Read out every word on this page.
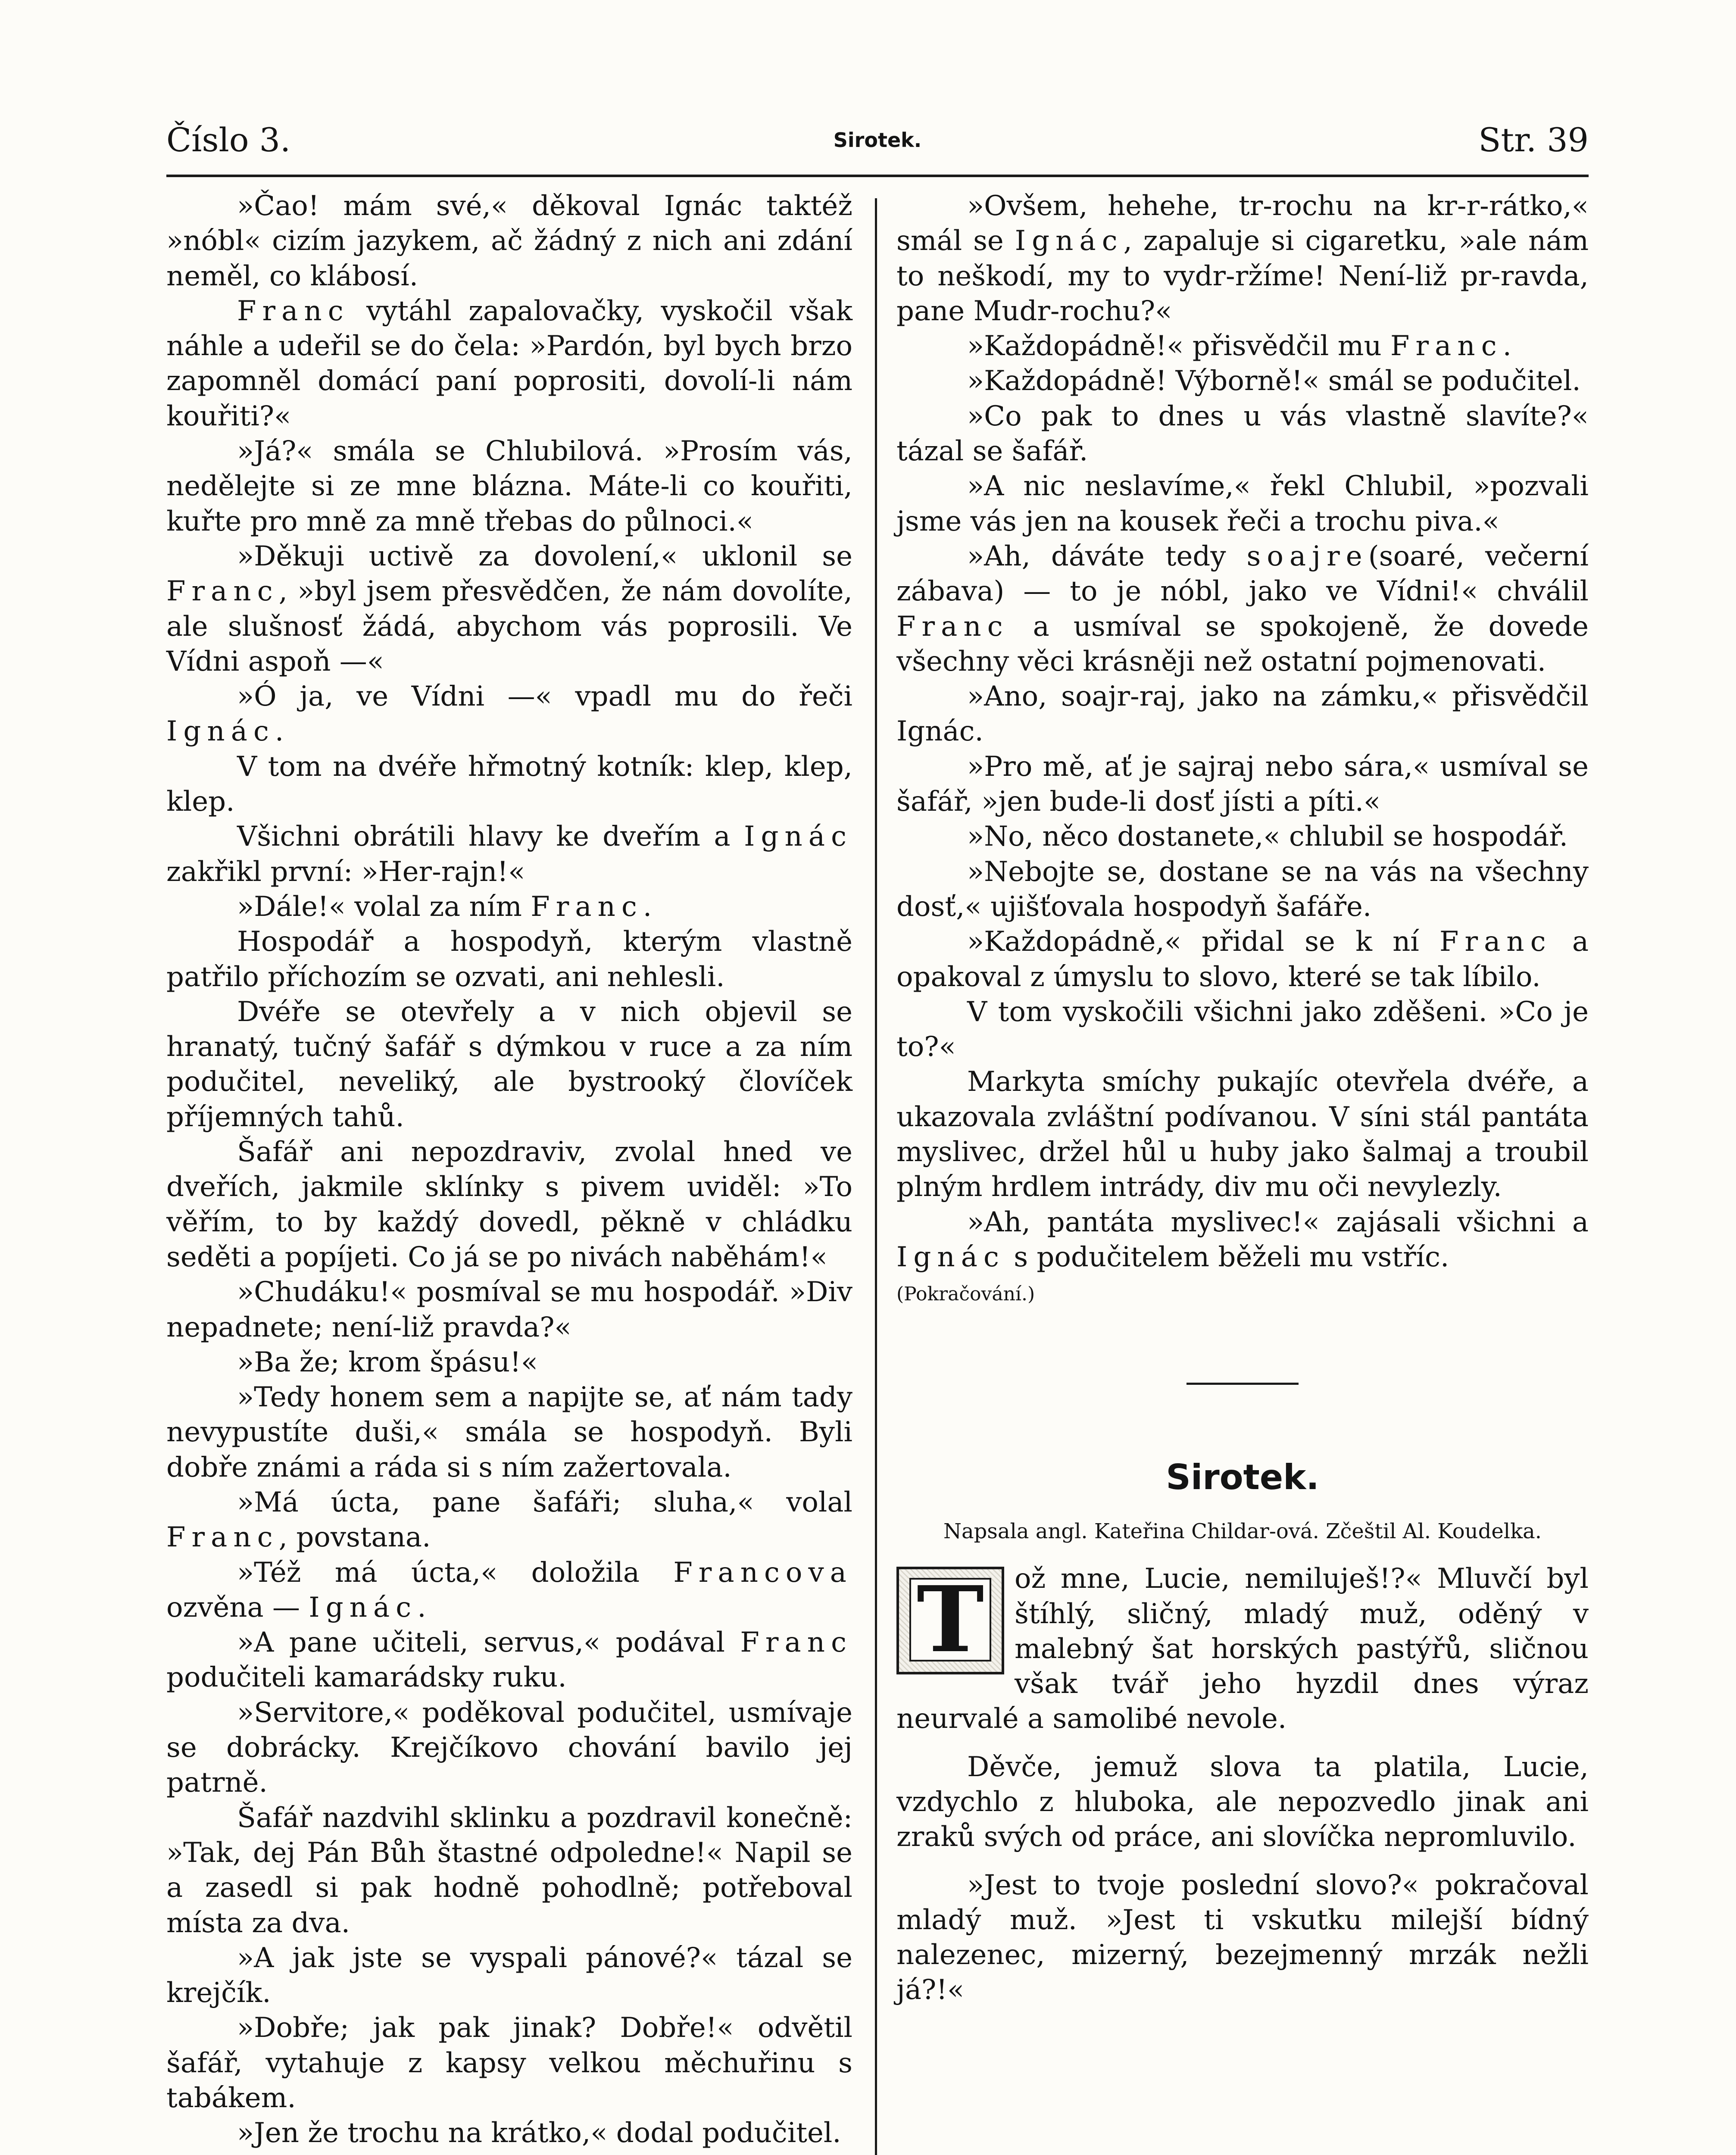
Číslo 3.	Sirotek.	Str. 39

»Čao! mám své,« děkoval Ignác taktéž »nóbl« cizím jazykem, ač žádný z nich ani zdání neměl, co klábosí.

Franc vytáhl zapalovačky, vyskočil však náhle a udeřil se do čela: »Pardón, byl bych brzo zapomněl domácí paní poprositi, dovolí-li nám kouřiti?«

»Já?« smála se Chlubilová. »Prosím vás, nedělejte si ze mne blázna. Máte-li co kouřiti, kuřte pro mně za mně třebas do půlnoci.«

»Děkuji uctivě za dovolení,« uklonil se Franc, »byl jsem přesvědčen, že nám dovolíte, ale slušnosť žádá, abychom vás poprosili. Ve Vídni aspoň —«

»Ó ja, ve Vídni —« vpadl mu do řeči Ignác.

V tom na dvéře hřmotný kotník: klep, klep, klep.

Všichni obrátili hlavy ke dveřím a Ignác zakřikl první: »Her-rajn!«

»Dále!« volal za ním Franc.

Hospodář a hospodyň, kterým vlastně patřilo příchozím se ozvati, ani nehlesli.

Dvéře se otevřely a v nich objevil se hranatý, tučný šafář s dýmkou v ruce a za ním podučitel, neveliký, ale bystrooký človíček příjemných tahů.

Šafář ani nepozdraviv, zvolal hned ve dveřích, jakmile sklínky s pivem uviděl: »To věřím, to by každý dovedl, pěkně v chládku seděti a popíjeti. Co já se po nivách naběhám!«

»Chudáku!« posmíval se mu hospodář. »Div nepadnete; není-liž pravda?«

»Ba že; krom špásu!«

»Tedy honem sem a napijte se, ať nám tady nevypustíte duši,« smála se hospodyň. Byli dobře známi a ráda si s ním zažertovala.

»Má úcta, pane šafáři; sluha,« volal Franc, povstana.

»Též má úcta,« doložila Francova ozvěna — Ignác.

»A pane učiteli, servus,« podával Franc podučiteli kamarádsky ruku.

»Servitore,« poděkoval podučitel, usmívaje se dobrácky. Krejčíkovo chování bavilo jej patrně.

Šafář nazdvihl sklinku a pozdravil konečně: »Tak, dej Pán Bůh štastné odpoledne!« Napil se a zasedl si pak hodně pohodlně; potřeboval místa za dva.

»A jak jste se vyspali pánové?« tázal se krejčík.

»Dobře; jak pak jinak? Dobře!« odvětil šafář, vytahuje z kapsy velkou měchuřinu s tabákem.

»Jen že trochu na krátko,« dodal podučitel.

»Ovšem, hehehe, tr-rochu na kr-r-rátko,« smál se Ignác, zapaluje si cigaretku, »ale nám to neškodí, my to vydr-ržíme! Není-liž pr-ravda, pane Mudr-rochu?«

»Každopádně!« přisvědčil mu Franc.

»Každopádně! Výborně!« smál se podučitel.

»Co pak to dnes u vás vlastně slavíte?« tázal se šafář.

»A nic neslavíme,« řekl Chlubil, »pozvali jsme vás jen na kousek řeči a trochu piva.«

»Ah, dáváte tedy soajre(soaré, večerní zábava) — to je nóbl, jako ve Vídni!« chválil Franc a usmíval se spokojeně, že dovede všechny věci krásněji než ostatní pojmenovati.

»Ano, soajr-raj, jako na zámku,« přisvědčil Ignác.

»Pro mě, ať je sajraj nebo sára,« usmíval se šafář, »jen bude-li dosť jísti a píti.«

»No, něco dostanete,« chlubil se hospodář.

»Nebojte se, dostane se na vás na všechny dosť,« ujišťovala hospodyň šafáře.

»Každopádně,« přidal se k ní Franc a opakoval z úmyslu to slovo, které se tak líbilo.

V tom vyskočili všichni jako zděšeni. »Co je to?«

Markyta smíchy pukajíc otevřela dvéře, a ukazovala zvláštní podívanou. V síni stál pantáta myslivec, držel hůl u huby jako šalmaj a troubil plným hrdlem intrády, div mu oči nevylezly.

»Ah, pantáta myslivec!« zajásali všichni a Ignác s podučitelem běželi mu vstříc.

(Pokračování.)

Sirotek.

Napsala angl. Kateřina Childar-ová. Zčeštil Al. Koudelka.

T	ož mne, Lucie, nemiluješ!?« Mluvčí byl štíhlý, sličný, mladý muž, oděný v malebný šat horských pastýřů, sličnou však tvář jeho hyzdil dnes výraz neurvalé a samolibé nevole.

Děvče, jemuž slova ta platila, Lucie, vzdychlo z hluboka, ale nepozvedlo jinak ani zraků svých od práce, ani slovíčka nepromluvilo.

»Jest to tvoje poslední slovo?« pokračoval mladý muž. »Jest ti vskutku milejší bídný nalezenec, mizerný, bezejmenný mrzák nežli já?!«
